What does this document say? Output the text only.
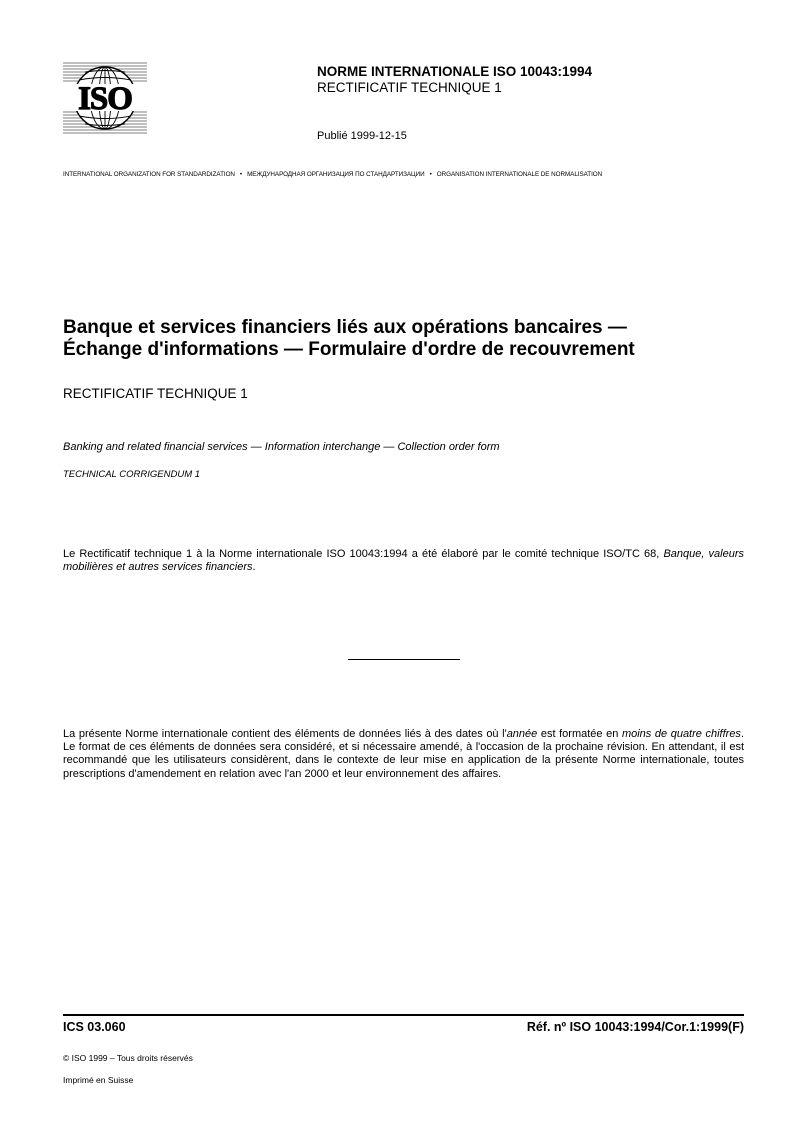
ISO
NORME INTERNATIONALE ISO 10043:1994
RECTIFICATIF TECHNIQUE 1
Publié 1999-12-15
INTERNATIONAL ORGANIZATION FOR STANDARDIZATION • МЕЖДУНАРОДНАЯ ОРГАНИЗАЦИЯ ПО СТАНДАРТИЗАЦИИ • ORGANISATION INTERNATIONALE DE NORMALISATION
Banque et services financiers liés aux opérations bancaires —
Échange d'informations — Formulaire d'ordre de recouvrement
RECTIFICATIF TECHNIQUE 1
Banking and related financial services — Information interchange — Collection order form
TECHNICAL CORRIGENDUM 1
Le Rectificatif technique 1 à la Norme internationale ISO 10043:1994 a été élaboré par le comité technique ISO/TC 68, Banque, valeurs mobilières et autres services financiers.
La présente Norme internationale contient des éléments de données liés à des dates où l'année est formatée en moins de quatre chiffres. Le format de ces éléments de données sera considéré, et si nécessaire amendé, à l'occasion de la prochaine révision. En attendant, il est recommandé que les utilisateurs considèrent, dans le contexte de leur mise en application de la présente Norme internationale, toutes prescriptions d'amendement en relation avec l'an 2000 et leur environnement des affaires.
ICS 03.060	Réf. nº ISO 10043:1994/Cor.1:1999(F)
© ISO 1999 – Tous droits réservés
Imprimé en Suisse
